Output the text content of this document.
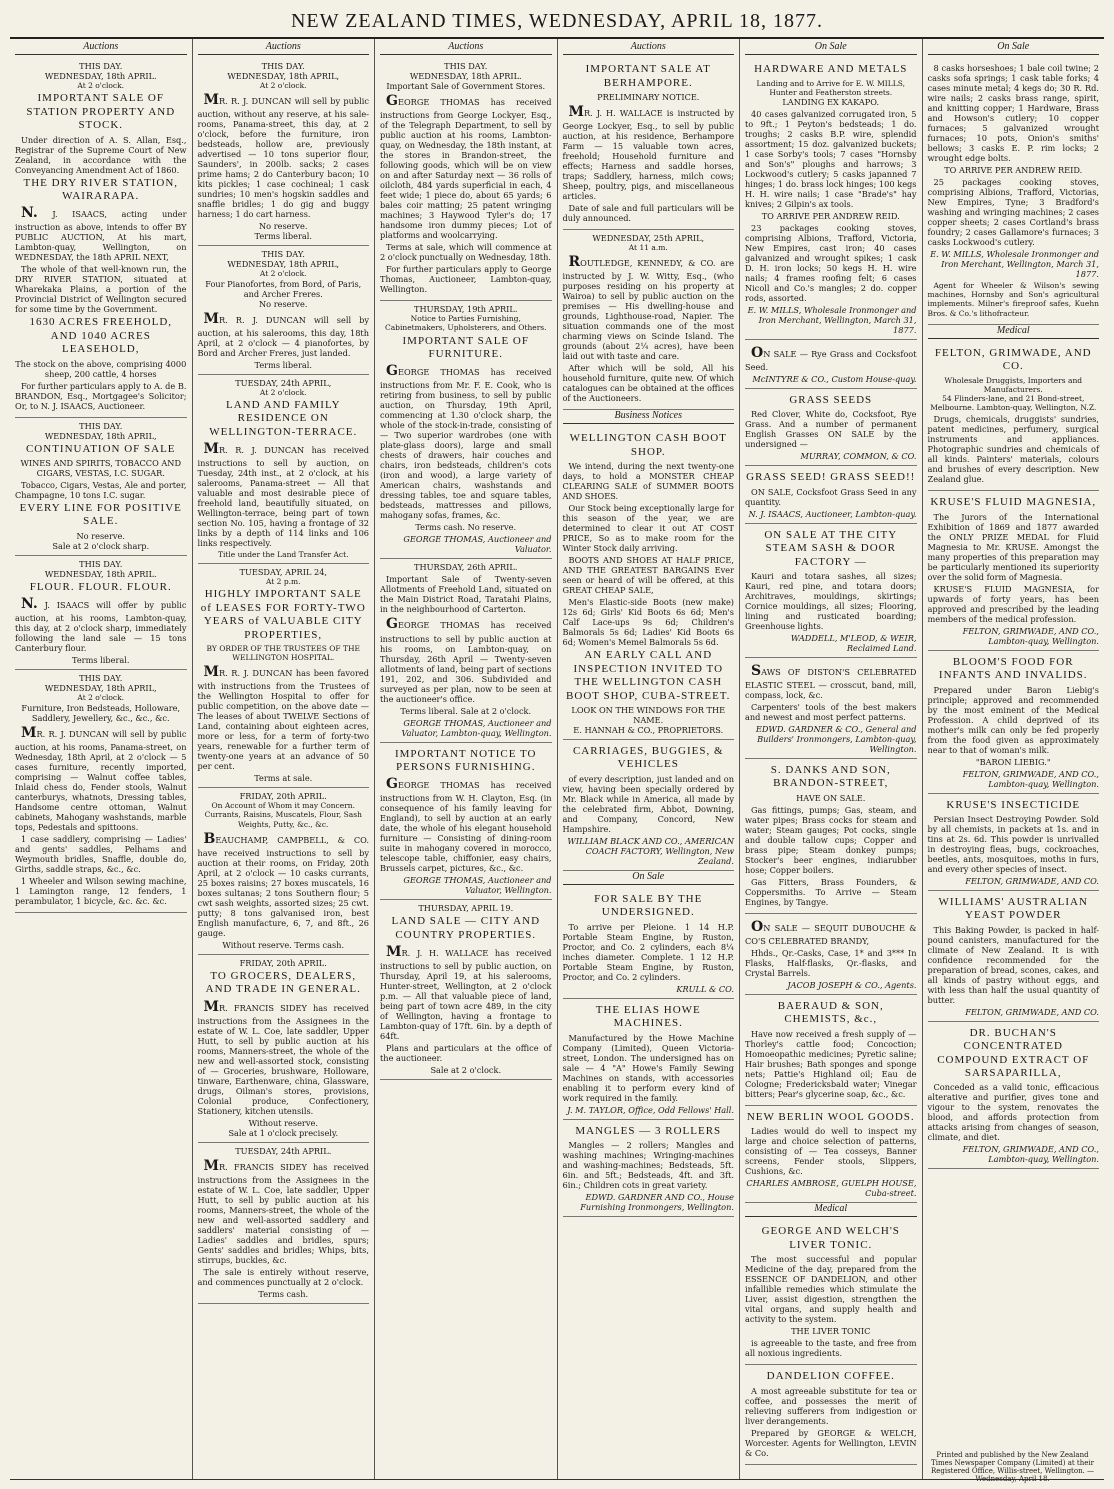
NEW ZEALAND TIMES, WEDNESDAY, APRIL 18, 1877.
Auctions
THIS DAY.
WEDNESDAY, 18th APRIL.
At 2 o'clock.
IMPORTANT SALE OF STATION PROPERTY AND STOCK.
Under direction of A. S. Allan, Esq., Registrar of the Supreme Court of New Zealand, in accordance with the Conveyancing Amendment Act of 1860.
THE DRY RIVER STATION, WAIRARAPA.
N. J. ISAACS, acting under instruction as above, intends to offer BY PUBLIC AUCTION, At his mart, Lambton-quay, Wellington, on WEDNESDAY, the 18th APRIL NEXT,
The whole of that well-known run, the DRY RIVER STATION, situated at Wharekaka Plains, a portion of the Provincial District of Wellington secured for some time by the Government.
1630 ACRES FREEHOLD, AND 1040 ACRES LEASEHOLD,
The stock on the above, comprising 4000 sheep, 200 cattle, 4 horses
For further particulars apply to A. de B. BRANDON, Esq., Mortgagee's Solicitor; Or, to N. J. ISAACS, Auctioneer.
THIS DAY.
WEDNESDAY, 18th APRIL,
CONTINUATION OF SALE
WINES AND SPIRITS, TOBACCO AND CIGARS, VESTAS, I.C. SUGAR.
Tobacco, Cigars, Vestas, Ale and porter, Champagne, 10 tons I.C. sugar.
EVERY LINE FOR POSITIVE SALE.
No reserve.
Sale at 2 o'clock sharp.
THIS DAY.
WEDNESDAY, 18th APRIL.
FLOUR. FLOUR. FLOUR.
N. J. ISAACS will offer by public auction, at his rooms, Lambton-quay, this day, at 2 o'clock sharp, immediately following the land sale — 15 tons Canterbury flour.
Terms liberal.
THIS DAY.
WEDNESDAY, 18th APRIL,
At 2 o'clock.
Furniture, Iron Bedsteads, Holloware, Saddlery, Jewellery, &c., &c., &c.
MR. R. J. DUNCAN will sell by public auction, at his rooms, Panama-street, on Wednesday, 18th April, at 2 o'clock — 5 cases furniture, recently imported, comprising — Walnut coffee tables, Inlaid chess do, Fender stools, Walnut canterburys, whatnots, Dressing tables, Handsome centre ottoman, Walnut cabinets, Mahogany washstands, marble tops, Pedestals and spittoons.
1 case saddlery, comprising — Ladies' and gents' saddles, Pelhams and Weymouth bridles, Snaffle, double do, Girths, saddle straps, &c., &c.
1 Wheeler and Wilson sewing machine, 1 Lamington range, 12 fenders, 1 perambulator, 1 bicycle, &c. &c. &c.
Auctions
THIS DAY.
WEDNESDAY, 18th APRIL,
At 2 o'clock.
MR. R. J. DUNCAN will sell by public auction, without any reserve, at his sale-rooms, Panama-street, this day, at 2 o'clock, before the furniture, iron bedsteads, hollow are, previously advertised — 10 tons superior flour, Saunders', in 200lb. sacks; 2 cases prime hams; 2 do Canterbury bacon; 10 kits pickles; 1 case cochineal; 1 cask sundries; 10 men's hogskin saddles and snaffle bridles; 1 do gig and buggy harness; 1 do cart harness.
No reserve.
Terms liberal.
THIS DAY.
WEDNESDAY, 18th APRIL,
At 2 o'clock.
Four Pianofortes, from Bord, of Paris, and Archer Freres.
No reserve.
MR. R. J. DUNCAN will sell by auction, at his salerooms, this day, 18th April, at 2 o'clock — 4 pianofortes, by Bord and Archer Freres, just landed.
Terms liberal.
TUESDAY, 24th APRIL,
At 2 o'clock.
LAND AND FAMILY RESIDENCE ON WELLINGTON-TERRACE.
MR. R. J. DUNCAN has received instructions to sell by auction, on Tuesday, 24th inst., at 2 o'clock, at his salerooms, Panama-street — All that valuable and most desirable piece of freehold land, beautifully situated, on Wellington-terrace, being part of town section No. 105, having a frontage of 32 links by a depth of 114 links and 106 links respectively.
Title under the Land Transfer Act.
TUESDAY, APRIL 24,
At 2 p.m.
HIGHLY IMPORTANT SALE of LEASES FOR FORTY-TWO YEARS of VALUABLE CITY PROPERTIES,
BY ORDER OF THE TRUSTEES OF THE WELLINGTON HOSPITAL.
MR. R. J. DUNCAN has been favored with instructions from the Trustees of the Wellington Hospital to offer for public competition, on the above date — The leases of about TWELVE Sections of Land, containing about eighteen acres, more or less, for a term of forty-two years, renewable for a further term of twenty-one years at an advance of 50 per cent.
Terms at sale.
FRIDAY, 20th APRIL.
On Account of Whom it may Concern. Currants, Raisins, Muscatels, Flour, Sash Weights, Putty, &c., &c.
BEAUCHAMP, CAMPBELL, & CO. have received instructions to sell by auction at their rooms, on Friday, 20th April, at 2 o'clock — 10 casks currants, 25 boxes raisins; 27 boxes muscatels, 16 boxes sultanas; 2 tons Southern flour; 5 cwt sash weights, assorted sizes; 25 cwt. putty; 8 tons galvanised iron, best English manufacture, 6, 7, and 8ft., 26 gauge.
Without reserve. Terms cash.
FRIDAY, 20th APRIL.
TO GROCERS, DEALERS, AND TRADE IN GENERAL.
MR. FRANCIS SIDEY has received instructions from the Assignees in the estate of W. L. Coe, late saddler, Upper Hutt, to sell by public auction at his rooms, Manners-street, the whole of the new and well-assorted stock, consisting of — Groceries, brushware, Holloware, tinware, Earthenware, china, Glassware, drugs, Oilman's stores, provisions, Colonial produce, Confectionery, Stationery, kitchen utensils.
Without reserve.
Sale at 1 o'clock precisely.
TUESDAY, 24th APRIL.
MR. FRANCIS SIDEY has received instructions from the Assignees in the estate of W. L. Coe, late saddler, Upper Hutt, to sell by public auction at his rooms, Manners-street, the whole of the new and well-assorted saddlery and saddlers' material consisting of — Ladies' saddles and bridles, spurs; Gents' saddles and bridles; Whips, bits, stirrups, buckles, &c.
The sale is entirely without reserve, and commences punctually at 2 o'clock.
Terms cash.
Auctions
THIS DAY.
WEDNESDAY, 18th APRIL.
Important Sale of Government Stores.
GEORGE THOMAS has received instructions from George Lockyer, Esq., of the Telegraph Department, to sell by public auction at his rooms, Lambton-quay, on Wednesday, the 18th instant, at the stores in Brandon-street, the following goods, which will be on view on and after Saturday next — 36 rolls of oilcloth, 484 yards superficial in each, 4 feet wide; 1 piece do, about 65 yards; 6 bales coir matting; 25 patent wringing machines; 3 Haywood Tyler's do; 17 handsome iron dummy pieces; Lot of platforms and woolcarrying.
Terms at sale, which will commence at 2 o'clock punctually on Wednesday, 18th.
For further particulars apply to George Thomas, Auctioneer, Lambton-quay, Wellington.
THURSDAY, 19th APRIL.
Notice to Parties Furnishing, Cabinetmakers, Upholsterers, and Others.
IMPORTANT SALE OF FURNITURE.
GEORGE THOMAS has received instructions from Mr. F. E. Cook, who is retiring from business, to sell by public auction, on Thursday, 19th April, commencing at 1.30 o'clock sharp, the whole of the stock-in-trade, consisting of — Two superior wardrobes (one with plate-glass doors), large and small chests of drawers, hair couches and chairs, iron bedsteads, children's cots (iron and wood), a large variety of American chairs, washstands and dressing tables, toe and square tables, bedsteads, mattresses and pillows, mahogany sofas, frames, &c.
Terms cash. No reserve.
GEORGE THOMAS, Auctioneer and Valuator.
THURSDAY, 26th APRIL.
Important Sale of Twenty-seven Allotments of Freehold Land, situated on the Main District Road, Taratahi Plains, in the neighbourhood of Carterton.
GEORGE THOMAS has received instructions to sell by public auction at his rooms, on Lambton-quay, on Thursday, 26th April — Twenty-seven allotments of land, being part of sections 191, 202, and 306. Subdivided and surveyed as per plan, now to be seen at the auctioneer's office.
Terms liberal. Sale at 2 o'clock.
GEORGE THOMAS, Auctioneer and Valuator, Lambton-quay, Wellington.
IMPORTANT NOTICE TO PERSONS FURNISHING.
GEORGE THOMAS has received instructions from W. H. Clayton, Esq. (in consequence of his family leaving for England), to sell by auction at an early date, the whole of his elegant household furniture — Consisting of dining-room suite in mahogany covered in morocco, telescope table, chiffonier, easy chairs, Brussels carpet, pictures, &c., &c.
GEORGE THOMAS, Auctioneer and Valuator, Wellington.
THURSDAY, APRIL 19.
LAND SALE — CITY AND COUNTRY PROPERTIES.
MR. J. H. WALLACE has received instructions to sell by public auction, on Thursday, April 19, at his salerooms, Hunter-street, Wellington, at 2 o'clock p.m. — All that valuable piece of land, being part of town acre 489, in the city of Wellington, having a frontage to Lambton-quay of 17ft. 6in. by a depth of 64ft.
Plans and particulars at the office of the auctioneer.
Sale at 2 o'clock.
Auctions
IMPORTANT SALE AT BERHAMPORE.
PRELIMINARY NOTICE.
MR. J. H. WALLACE is instructed by George Lockyer, Esq., to sell by public auction, at his residence, Berhampore Farm — 15 valuable town acres, freehold; Household furniture and effects; Harness and saddle horses, traps; Saddlery, harness, milch cows; Sheep, poultry, pigs, and miscellaneous articles.
Date of sale and full particulars will be duly announced.
WEDNESDAY, 25th APRIL,
At 11 a.m.
ROUTLEDGE, KENNEDY, & CO. are instructed by J. W. Witty, Esq., (who purposes residing on his property at Wairoa) to sell by public auction on the premises — His dwelling-house and grounds, Lighthouse-road, Napier. The situation commands one of the most charming views on Scinde Island. The grounds (about 2¼ acres), have been laid out with taste and care.
After which will be sold, All his household furniture, quite new. Of which catalogues can be obtained at the offices of the Auctioneers.
Business Notices
WELLINGTON CASH BOOT SHOP.
We intend, during the next twenty-one days, to hold a MONSTER CHEAP CLEARING SALE of SUMMER BOOTS AND SHOES.
Our Stock being exceptionally large for this season of the year, we are determined to clear it out AT COST PRICE, So as to make room for the Winter Stock daily arriving.
BOOTS AND SHOES AT HALF PRICE, AND THE GREATEST BARGAINS Ever seen or heard of will be offered, at this GREAT CHEAP SALE,
Men's Elastic-side Boots (new make) 12s 6d; Girls' Kid Boots 6s 6d; Men's Calf Lace-ups 9s 6d; Children's Balmorals 5s 6d; Ladies' Kid Boots 6s 6d; Women's Memel Balmorals 5s 6d.
AN EARLY CALL AND INSPECTION INVITED TO THE WELLINGTON CASH BOOT SHOP, CUBA-STREET.
LOOK ON THE WINDOWS FOR THE NAME.
E. HANNAH & CO., PROPRIETORS.
CARRIAGES, BUGGIES, & VEHICLES
of every description, just landed and on view, having been specially ordered by Mr. Black while in America, all made by the celebrated firm, Abbot, Downing, and Company, Concord, New Hampshire.
WILLIAM BLACK AND CO., AMERICAN COACH FACTORY, Wellington, New Zealand.
On Sale
FOR SALE BY THE UNDERSIGNED.
To arrive per Pleione. 1 14 H.P. Portable Steam Engine, by Ruston, Proctor, and Co. 2 cylinders, each 8¼ inches diameter. Complete. 1 12 H.P. Portable Steam Engine, by Ruston, Proctor, and Co. 2 cylinders.
KRULL & CO.
THE ELIAS HOWE MACHINES.
Manufactured by the Howe Machine Company (Limited), Queen Victoria-street, London. The undersigned has on sale — 4 "A" Howe's Family Sewing Machines on stands, with accessories enabling it to perform every kind of work required in the family.
J. M. TAYLOR, Office, Odd Fellows' Hall.
MANGLES — 3 ROLLERS
Mangles — 2 rollers; Mangles and washing machines; Wringing-machines and washing-machines; Bedsteads, 5ft. 6in. and 5ft.; Bedsteads, 4ft. and 3ft. 6in.; Children cots in great variety.
EDWD. GARDNER AND CO., House Furnishing Ironmongers, Wellington.
On Sale
HARDWARE AND METALS
Landing and to Arrive for E. W. MILLS, Hunter and Featherston streets.
LANDING EX KAKAPO.
40 cases galvanized corrugated iron, 5 to 9ft.; 1 Peyton's bedsteads; 1 do. troughs; 2 casks B.P. wire, splendid assortment; 15 doz. galvanized buckets; 1 case Sorby's tools; 7 cases "Hornsby and Son's" ploughs and harrows; 3 Lockwood's cutlery; 5 casks japanned 7 hinges; 1 do. brass lock hinges; 100 kegs H. H. wire nails; 1 case "Brade's" hay knives; 2 Gilpin's ax tools.
TO ARRIVE PER ANDREW REID.
23 packages cooking stoves, comprising Albions, Trafford, Victoria, New Empires, cast iron; 40 cases galvanized and wrought spikes; 1 cask D. H. iron locks; 50 kegs H. H. wire nails; 4 frames roofing felt; 6 cases Nicoll and Co.'s mangles; 2 do. copper rods, assorted.
E. W. MILLS, Wholesale Ironmonger and Iron Merchant, Wellington, March 31, 1877.
ON SALE — Rye Grass and Cocksfoot Seed.
McINTYRE & CO., Custom House-quay.
GRASS SEEDS
Red Clover, White do, Cocksfoot, Rye Grass. And a number of permanent English Grasses ON SALE by the undersigned —
MURRAY, COMMON, & CO.
GRASS SEED! GRASS SEED!!
ON SALE, Cocksfoot Grass Seed in any quantity.
N. J. ISAACS, Auctioneer, Lambton-quay.
ON SALE AT THE CITY STEAM SASH & DOOR FACTORY —
Kauri and totara sashes, all sizes; Kauri, red pine, and totara doors; Architraves, mouldings, skirtings; Cornice mouldings, all sizes; Flooring, lining and rusticated boarding; Greenhouse lights.
WADDELL, M'LEOD, & WEIR, Reclaimed Land.
SAWS OF DISTON'S CELEBRATED ELASTIC STEEL — crosscut, band, mill, compass, lock, &c.
Carpenters' tools of the best makers and newest and most perfect patterns.
EDWD. GARDNER & CO., General and Builders' Ironmongers, Lambton-quay, Wellington.
S. DANKS AND SON, BRANDON-STREET,
HAVE ON SALE.
Gas fittings, pumps; Gas, steam, and water pipes; Brass cocks for steam and water; Steam gauges; Pot cocks, single and double tallow cups; Copper and brass pipe; Steam donkey pumps; Stocker's beer engines, indiarubber hose; Copper boilers.
Gas Fitters, Brass Founders, & Coppersmiths. To Arrive — Steam Engines, by Tangye.
ON SALE — SEQUIT DUBOUCHE & CO'S CELEBRATED BRANDY,
Hhds., Qr.-Casks, Case, 1* and 3*** In Flasks, Half-flasks, Qr.-flasks, and Crystal Barrels.
JACOB JOSEPH & CO., Agents.
BAERAUD & SON, CHEMISTS, &c.,
Have now received a fresh supply of — Thorley's cattle food; Concoction; Homoeopathic medicines; Pyretic saline; Hair brushes; Bath sponges and sponge nets; Pattie's Highland oil; Eau de Cologne; Fredericksbald water; Vinegar bitters; Pear's glycerine soap, &c., &c.
NEW BERLIN WOOL GOODS.
Ladies would do well to inspect my large and choice selection of patterns, consisting of — Tea cosseys, Banner screens, Fender stools, Slippers, Cushions, &c.
CHARLES AMBROSE, GUELPH HOUSE, Cuba-street.
Medical
GEORGE AND WELCH'S LIVER TONIC.
The most successful and popular Medicine of the day, prepared from the ESSENCE OF DANDELION, and other infallible remedies which stimulate the Liver, assist digestion, strengthen the vital organs, and supply health and activity to the system.
THE LIVER TONIC
is agreeable to the taste, and free from all noxious ingredients.
DANDELION COFFEE.
A most agreeable substitute for tea or coffee, and possesses the merit of relieving sufferers from indigestion or liver derangements.
Prepared by GEORGE & WELCH, Worcester. Agents for Wellington, LEVIN & Co.
On Sale
8 casks horseshoes; 1 bale coil twine; 2 casks sofa springs; 1 cask table forks; 4 cases minute metal; 4 kegs do; 30 R. Rd. wire nails; 2 casks brass range, spirit, and knitting copper; 1 Hardware, Brass and Howson's cutlery; 10 copper furnaces; 5 galvanized wrought furnaces; 10 pots, Onion's smiths' bellows; 3 casks E. P. rim locks; 2 wrought edge bolts.
TO ARRIVE PER ANDREW REID.
25 packages cooking stoves, comprising Albions, Trafford, Victorias, New Empires, Tyne; 3 Bradford's washing and wringing machines; 2 cases copper sheets; 2 cases Cortland's brass foundry; 2 cases Gallamore's furnaces; 3 casks Lockwood's cutlery.
E. W. MILLS, Wholesale Ironmonger and Iron Merchant, Wellington, March 31, 1877.
Agent for Wheeler & Wilson's sewing machines, Hornsby and Son's agricultural implements. Milner's fireproof safes, Kuehn Bros. & Co.'s lithofracteur.
Medical
FELTON, GRIMWADE, AND CO.
Wholesale Druggists, Importers and Manufacturers.
54 Flinders-lane, and 21 Bond-street, Melbourne. Lambton-quay, Wellington, N.Z.
Drugs, chemicals, druggists' sundries, patent medicines, perfumery, surgical instruments and appliances. Photographic sundries and chemicals of all kinds. Painters' materials, colours and brushes of every description. New Zealand glue.
KRUSE'S FLUID MAGNESIA,
The Jurors of the International Exhibition of 1869 and 1877 awarded the ONLY PRIZE MEDAL for Fluid Magnesia to Mr. KRUSE. Amongst the many properties of this preparation may be particularly mentioned its superiority over the solid form of Magnesia.
KRUSE'S FLUID MAGNESIA, for upwards of forty years, has been approved and prescribed by the leading members of the medical profession.
FELTON, GRIMWADE, AND CO., Lambton-quay, Wellington.
BLOOM'S FOOD FOR INFANTS AND INVALIDS.
Prepared under Baron Liebig's principle; approved and recommended by the most eminent of the Medical Profession. A child deprived of its mother's milk can only be fed properly from the food given as approximately near to that of woman's milk.
"BARON LIEBIG."
FELTON, GRIMWADE, AND CO., Lambton-quay, Wellington.
KRUSE'S INSECTICIDE
Persian Insect Destroying Powder. Sold by all chemists, in packets at 1s. and in tins at 2s. 6d. This powder is unrivalled in destroying fleas, bugs, cockroaches, beetles, ants, mosquitoes, moths in furs, and every other species of insect.
FELTON, GRIMWADE, AND CO.
WILLIAMS' AUSTRALIAN YEAST POWDER
This Baking Powder, is packed in half-pound canisters, manufactured for the climate of New Zealand. It is with confidence recommended for the preparation of bread, scones, cakes, and all kinds of pastry without eggs, and with less than half the usual quantity of butter.
FELTON, GRIMWADE, AND CO.
DR. BUCHAN'S CONCENTRATED COMPOUND EXTRACT OF SARSAPARILLA,
Conceded as a valid tonic, efficacious alterative and purifier, gives tone and vigour to the system, renovates the blood, and affords protection from attacks arising from changes of season, climate, and diet.
FELTON, GRIMWADE, AND CO., Lambton-quay, Wellington.
Printed and published by the New Zealand Times Newspaper Company (Limited) at their Registered Office, Willis-street, Wellington. — Wednesday, April 18.
